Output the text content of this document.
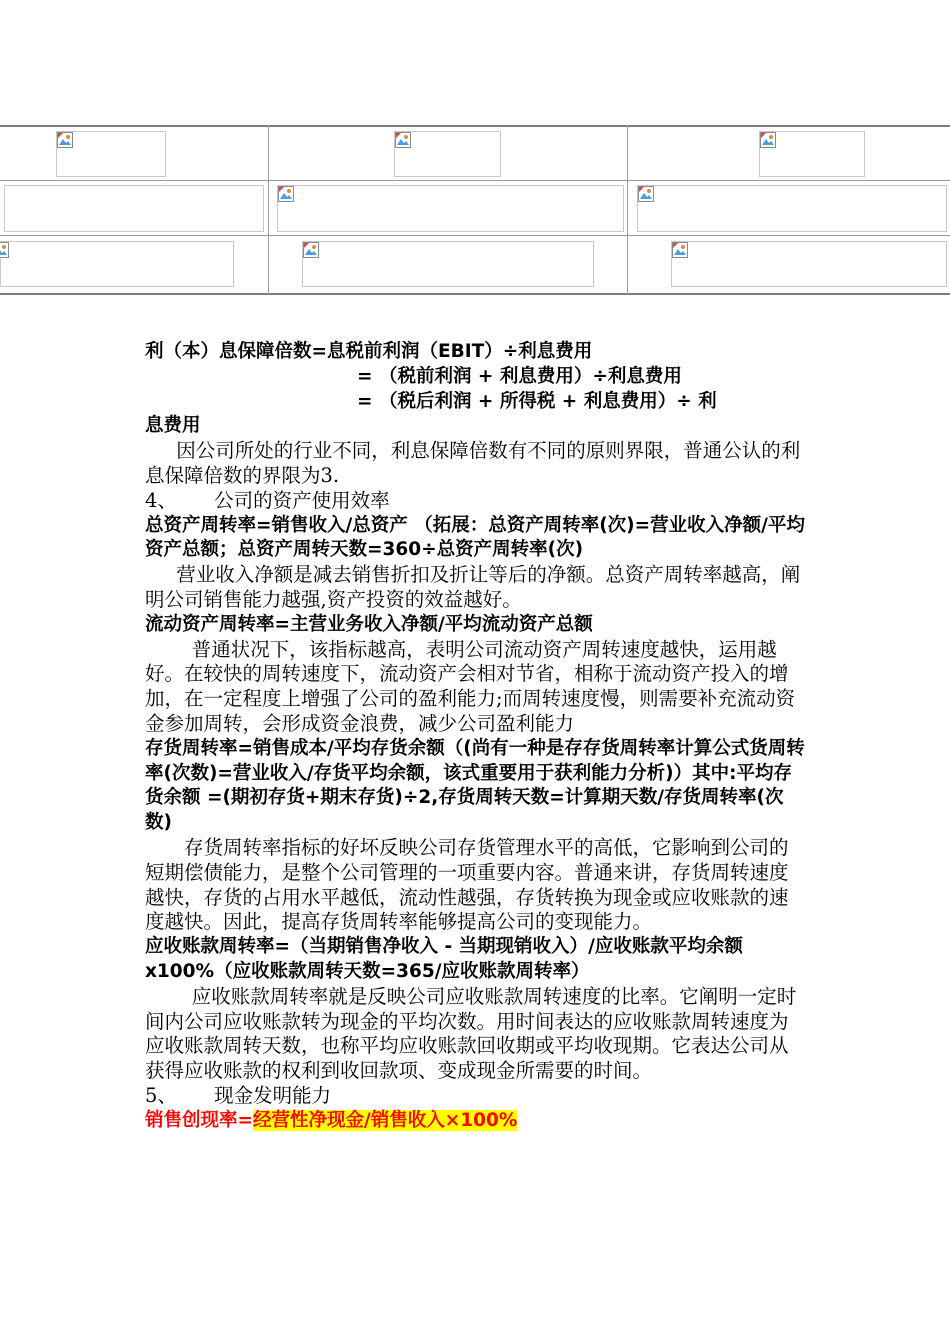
利（本）息保障倍数=息税前利润（EBIT）÷利息费用

= （税前利润 + 利息费用）÷利息费用

= （税后利润 + 所得税 + 利息费用）÷ 利

息费用

因公司所处的行业不同，利息保障倍数有不同的原则界限，普通公认的利息保障倍数的界限为3.

4、      公司的资产使用效率

总资产周转率=销售收入/总资产 （拓展：总资产周转率(次)=营业收入净额/平均资产总额；总资产周转天数=360÷总资产周转率(次)

营业收入净额是减去销售折扣及折让等后的净额。总资产周转率越高，阐明公司销售能力越强,资产投资的效益越好。

流动资产周转率=主营业务收入净额/平均流动资产总额

普通状况下，该指标越高，表明公司流动资产周转速度越快，运用越好。在较快的周转速度下，流动资产会相对节省，相称于流动资产投入的增加，在一定程度上增强了公司的盈利能力;而周转速度慢，则需要补充流动资金参加周转，会形成资金浪费，减少公司盈利能力

存货周转率=销售成本/平均存货余额（(尚有一种是存存货周转率计算公式货周转率(次数)=营业收入/存货平均余额，该式重要用于获利能力分析)）其中:平均存货余额 =(期初存货+期末存货)÷2,存货周转天数=计算期天数/存货周转率(次数)

存货周转率指标的好坏反映公司存货管理水平的高低，它影响到公司的短期偿债能力，是整个公司管理的一项重要内容。普通来讲，存货周转速度越快，存货的占用水平越低，流动性越强，存货转换为现金或应收账款的速度越快。因此，提高存货周转率能够提高公司的变现能力。

应收账款周转率=（当期销售净收入 - 当期现销收入）/应收账款平均余额x100%（应收账款周转天数=365/应收账款周转率）

应收账款周转率就是反映公司应收账款周转速度的比率。它阐明一定时间内公司应收账款转为现金的平均次数。用时间表达的应收账款周转速度为应收账款周转天数，也称平均应收账款回收期或平均收现期。它表达公司从获得应收账款的权利到收回款项、变成现金所需要的时间。

5、      现金发明能力

销售创现率=经营性净现金/销售收入×100%
